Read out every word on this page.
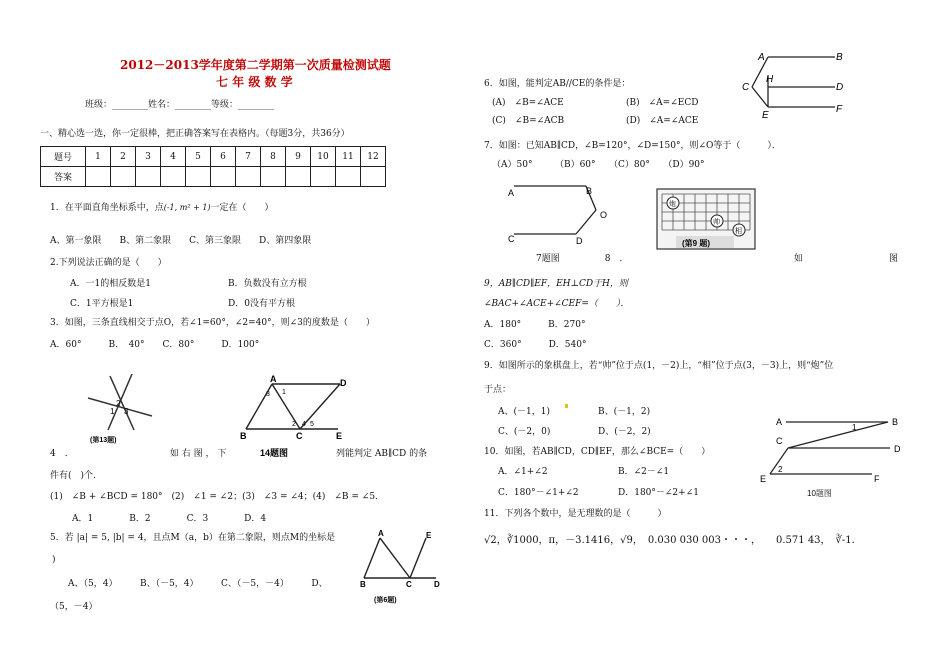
2012－2013学年度第二学期第一次质量检测试题
七 年 级 数 学
班级：________姓名：________等级：________
一、精心选一选，你一定很棒，把正确答案写在表格内。（每题3分，共36分）
题号	1	2	3	4	5	6	7	8	9	10	11	12
答案												
1．在平面直角坐标系中，点(-1, m² + 1)一定在（　　）
A、第一象限　　B、第二象限　　C、第三象限　　D、第四象限
2.下列说法正确的是（　　）
A．一1的相反数是1	B．负数没有立方根
C．1平方根是1	D．0没有平方根
3．如图，三条直线相交于点O，若∠1=60°，∠2=40°，则∠3的度数是（　　）
A．60°　　　B．　40°　　C．80°　　　D．100°
2
1 3
(第13题)
A	D
B	C	E
1
3
2 4 5
14题图
4　．	如 右 图 ， 下	列能判定 AB∥CD 的条
件有(　)个.
(1)　∠B + ∠BCD = 180°　(2)　∠1 = ∠2；(3)　∠3 = ∠4；(4)　∠B = ∠5．
A．1　　　　B．2　　　　C．3　　　　D．4
5．若 |a| = 5, |b| = 4，且点M（a，b）在第二象限，则点M的坐标是
)
A、（5，4）　　　B、（－5，4）　　　C、（－5，－4）　　　D、
（5，－4）
A	E
B	C	D
(第6题)
A	B
C
H
D
E
F
6．如图，能判定AB//CE的条件是：
(A)　∠B=∠ACE	(B)　∠A=∠ECD
(C)　∠B=∠ACB	(D)　∠A=∠ACE
7．如图：已知AB∥CD，∠B=120°，∠D=150°，则∠O等于（　　　）．
（A）50°　　　（B）60°　　（C）80°　　（D）90°
A	B
O
C	D
炮
帅
相
(第9 题)
7题图　　　　　8　．	如	图
9，AB∥CD∥EF，EH⊥CD于H，则
∠BAC+∠ACE+∠CEF=（　　）．
A．180°　　　B．270°
C．360°　　　D．540°
9．如图所示的象棋盘上，若“帅”位于点(1，－2)上，“相”位于点(3，－3)上，则“炮”位
于点：
A、(－1，1)	B、(－1，2)
C、(－2，0)	D、(－2，2)
A	B
C
D
E	F
1
2
10题图
10．如图，若AB∥CD，CD∥EF，那么∠BCE=（　　）
A．∠1+∠2	B．∠2－∠1
C．180°－∠1+∠2	D．180°－∠2+∠1
11．下列各个数中，是无理数的是（　　　）
√2，∛1000，π，－3.1416，√9，　0.030 030 003・・・，　　0.571 43，　∛-1．
